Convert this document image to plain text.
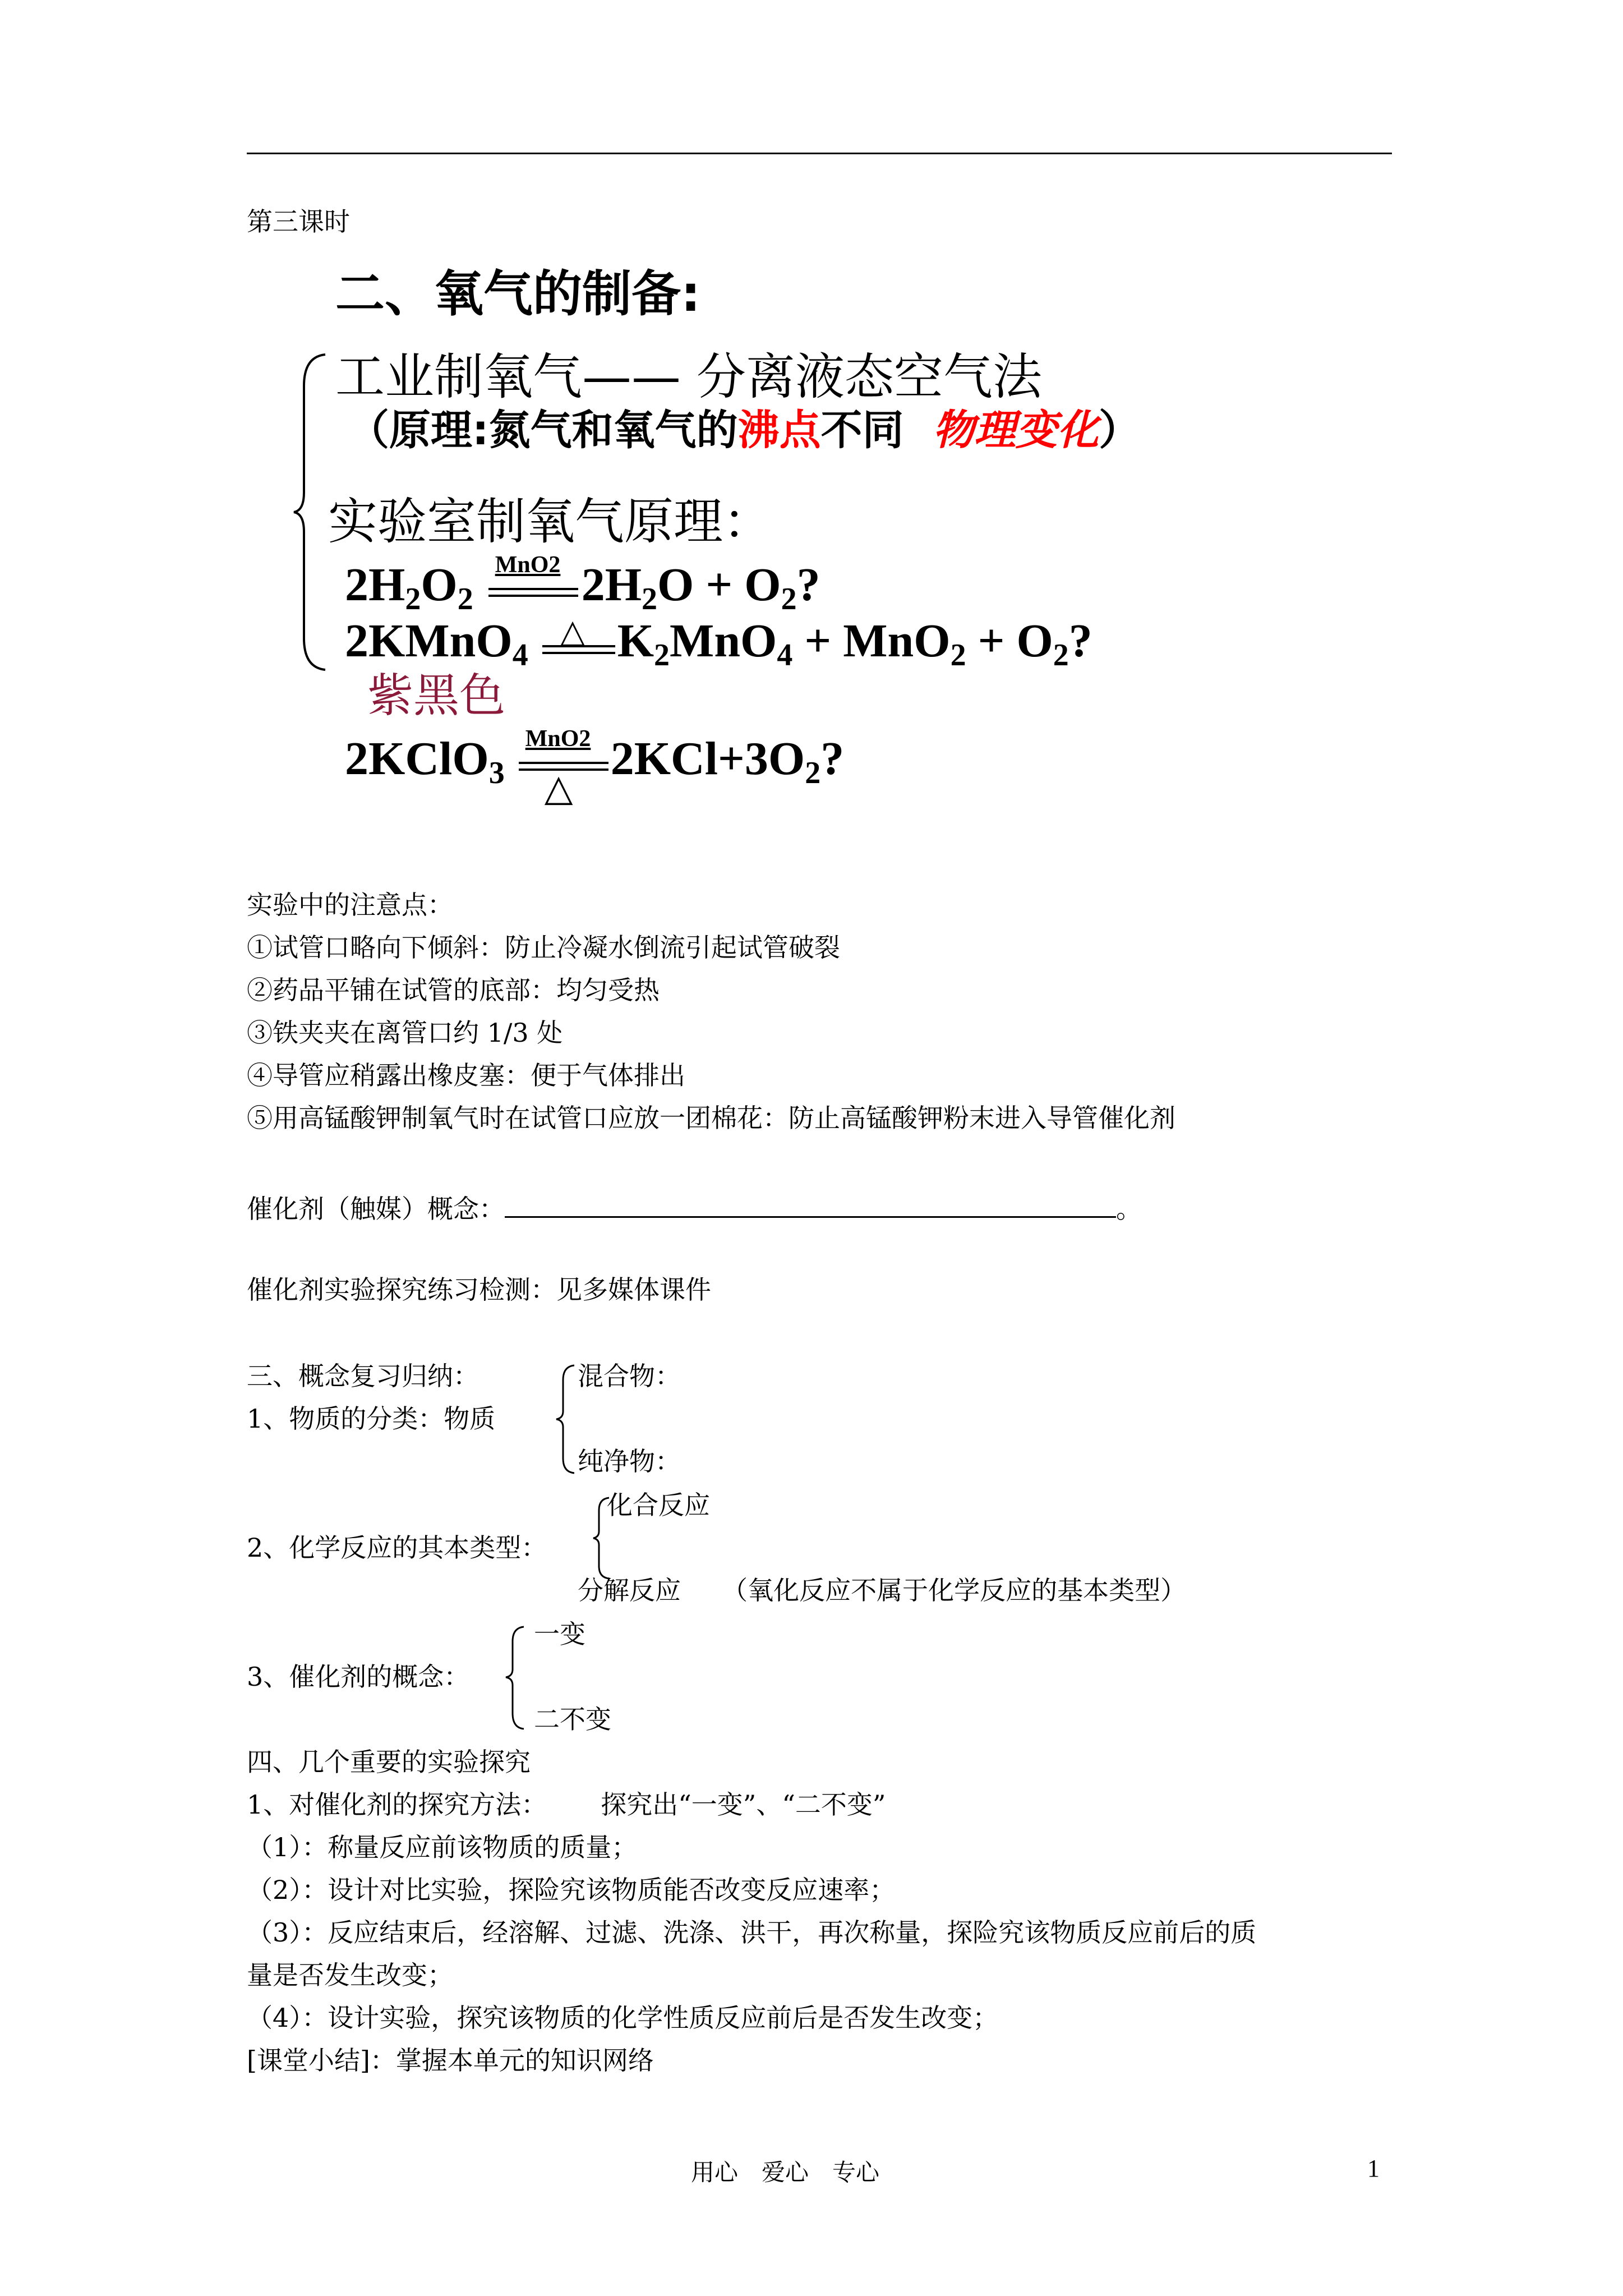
第三课时
二、氧气的制备:
工业制氧气—— 分离液态空气法
（原理:氮气和氧气的沸点不同 物理变化）
实验室制氧气原理：
$2H_2O_2$
MnO2 $2H_2O + O_2$?
2KMnO$_4$
△ $K_2MnO_4 + MnO_2 + O_2$?
紫黑色
2KClO$_3$
MnO2
△
$2KCl+3O_2$?
实验中的注意点：
①试管口略向下倾斜：防止冷凝水倒流引起试管破裂
②药品平铺在试管的底部：均匀受热
③铁夹夹在离管口约 1/3 处
④导管应稍露出橡皮塞：便于气体排出
⑤用高锰酸钾制氧气时在试管口应放一团棉花：防止高锰酸钾粉末进入导管催化剂
催化剂（触媒）概念：	。
催化剂实验探究练习检测：见多媒体课件
三、概念复习归纳：
1、物质的分类：物质
混合物：
纯净物：
化合反应
2、化学反应的其本类型：
分解反应 （氧化反应不属于化学反应的基本类型）
一变
3、催化剂的概念：
二不变
四、几个重要的实验探究
1、对催化剂的探究方法： 探究出“一变”、“二不变”
（1）：称量反应前该物质的质量；
（2）：设计对比实验，探险究该物质能否改变反应速率；
（3）：反应结束后，经溶解、过滤、洗涤、洪干，再次称量，探险究该物质反应前后的质
量是否发生改变；
（4）：设计实验，探究该物质的化学性质反应前后是否发生改变；
[课堂小结]：掌握本单元的知识网络
用心　爱心　专心	1
